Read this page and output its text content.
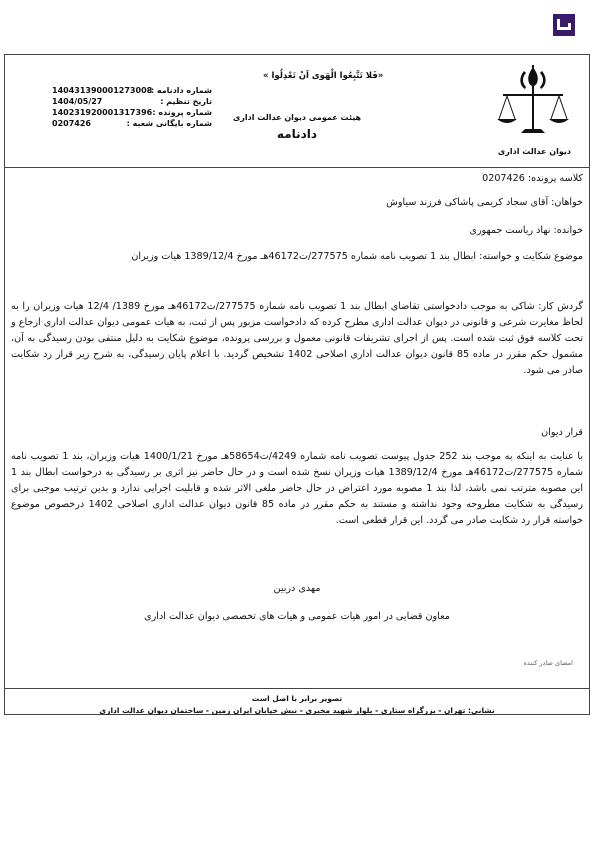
دیوان عدالت اداری
«فَلا تَتَّبِعُوا الْهَوی اَنْ تَعْدِلُوا »
هیئت عمومی دیوان عدالت اداری
دادنامه
شماره دادنامه :
140431390001273008
تاریخ تنظیم :
1404/05/27
شماره پرونده :
140231920001317396
شماره بایگانی شعبه :
0207426
کلاسه پرونده: 0207426
خواهان: آقای سجاد کریمی پاشاکی فرزند سیاوش
خوانده: نهاد ریاست جمهوری
موضوع شکایت و خواسته: ابطال بند 1 تصویب نامه شماره 277575/ت46172هـ مورخ 1389/12/4 هیات وزیران
گردش کار: شاکی به موجب دادخواستی تقاضای ابطال بند 1 تصویب نامه شماره 277575/ت46172هـ مورخ 1389/ 12/4 هیات وزیران را به لحاظ مغایرت شرعی و قانونی در دیوان عدالت اداری مطرح کرده که دادخواست مزبور پس از ثبت، به هیات عمومی دیوان عدالت اداری ارجاع و تحت کلاسه فوق ثبت شده است. پس از اجرای تشریفات قانونی معمول و بررسی پرونده، موضوع شکایت به دلیل منتفی بودن رسیدگی به آن، مشمول حکم مقرر در ماده 85 قانون دیوان عدالت اداری اصلاحی 1402 تشخیص گردید. با اعلام پایان رسیدگی، به شرح زیر قرار رد شکایت صادر می شود.
قرار دیوان
با عنایت به اینکه به موجب بند 252 جدول پیوست تصویب نامه شماره 4249/ت58654هـ مورخ 1400/1/21 هیات وزیران، بند 1 تصویب نامه شماره 277575/ت46172هـ مورخ 1389/12/4 هیات وزیران نسخ شده است و در حال حاضر نیز اثری بر رسیدگی به درخواست ابطال بند 1 این مصوبه مترتب نمی باشد، لذا بند 1 مصوبه مورد اعتراض در حال حاضر ملغی الاثر شده و قابلیت اجرایی ندارد و بدین ترتیب موجبی برای رسیدگی به شکایت مطروحه وجود نداشته و مستند به حکم مقرر در ماده 85 قانون دیوان عدالت اداری اصلاحی 1402 درخصوص موضوع خواسته قرار رد شکایت صادر می گردد. این قرار قطعی است.
مهدی دربین
معاون قضایی در امور هیات عمومی و هیات های تخصصی دیوان عدالت اداری
امضای صادر کننده
تصویر برابر با اصل است
نشانی: تهران - بزرگراه ستاری - بلوار شهید مخبری - نبش خیابان ایران زمین - ساختمان دیوان عدالت اداری
